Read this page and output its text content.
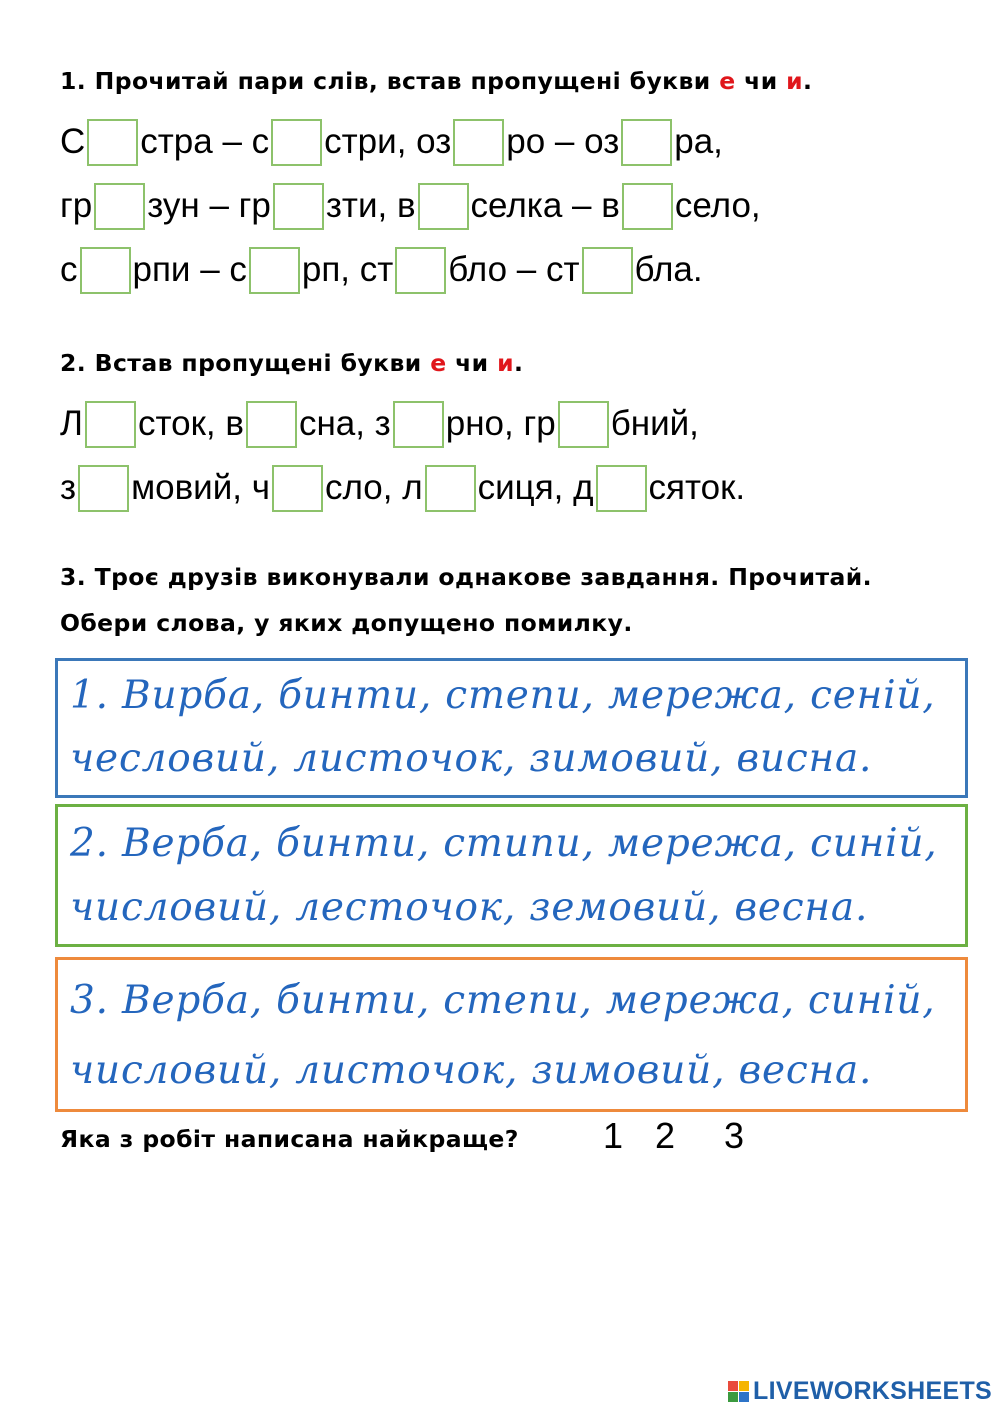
1. Прочитай пари слів, встав пропущені букви е чи и.
С стра – с стри, оз ро – оз ра,
гр зун – гр зти, в селка – в село,
с рпи – с рп, ст бло – ст бла.
2. Встав пропущені букви е чи и.
Л сток, в сна, з рно, гр бний,
з мовий, ч сло, л сиця, д сяток.
3. Троє друзів виконували однакове завдання. Прочитай.
Обери слова, у яких допущено помилку.
1. Вирба, бинти, степи, мережа, сеній,
чесловий, листочок, зимовий, висна.
2. Верба, бинти, стипи, мережа, синій,
числовий, лесточок, земовий, весна.
3. Верба, бинти, степи, мережа, синій,
числовий, листочок, зимовий, весна.
Яка з робіт написана найкраще? 1 2 3
LIVEWORKSHEETS
